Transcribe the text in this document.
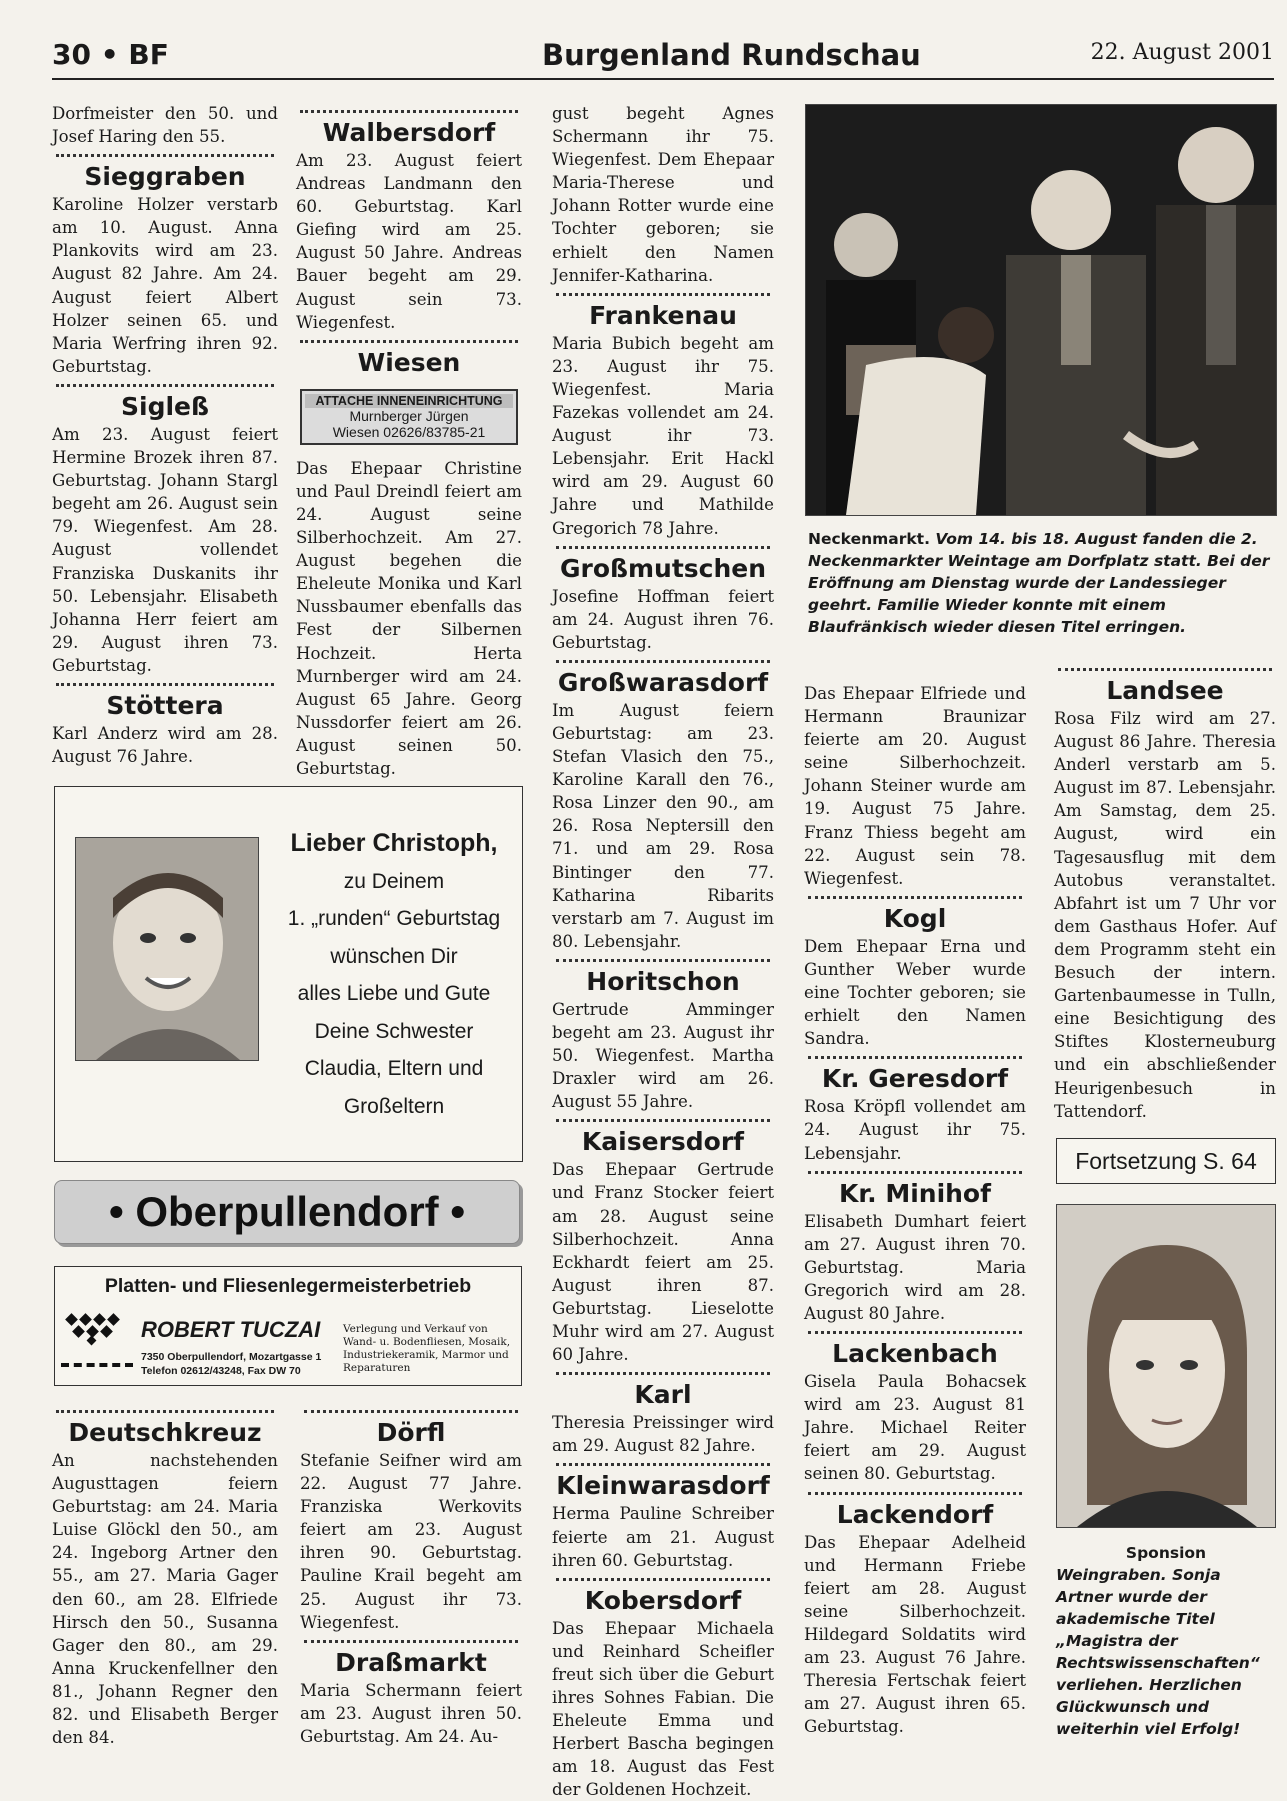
30 • BF	Burgenland Rundschau	22. August 2001

Dorfmeister den 50. und Josef Haring den 55.

Sieggraben

Karoline Holzer verstarb am 10. August. Anna Plankovits wird am 23. August 82 Jahre. Am 24. August feiert Albert Holzer seinen 65. und Maria Werfring ihren 92. Geburtstag.

Sigleß

Am 23. August feiert Hermine Brozek ihren 87. Geburtstag. Johann Stargl begeht am 26. August sein 79. Wiegenfest. Am 28. August vollendet Franziska Duskanits ihr 50. Lebensjahr. Elisabeth Johanna Herr feiert am 29. August ihren 73. Geburtstag.

Stöttera

Karl Anderz wird am 28. August 76 Jahre.

Walbersdorf

Am 23. August feiert Andreas Landmann den 60. Geburtstag. Karl Giefing wird am 25. August 50 Jahre. Andreas Bauer begeht am 29. August sein 73. Wiegenfest.

Wiesen
ATTACHE INNENEINRICHTUNG
Murnberger Jürgen
Wiesen 02626/83785-21

Das Ehepaar Christine und Paul Dreindl feiert am 24. August seine Silberhochzeit. Am 27. August begehen die Eheleute Monika und Karl Nussbaumer ebenfalls das Fest der Silbernen Hochzeit. Herta Murnberger wird am 24. August 65 Jahre. Georg Nussdorfer feiert am 26. August seinen 50. Geburtstag.

gust begeht Agnes Schermann ihr 75. Wiegenfest. Dem Ehepaar Maria-Therese und Johann Rotter wurde eine Tochter geboren; sie erhielt den Namen Jennifer-Katharina.

Frankenau

Maria Bubich begeht am 23. August ihr 75. Wiegenfest. Maria Fazekas vollendet am 24. August ihr 73. Lebensjahr. Erit Hackl wird am 29. August 60 Jahre und Mathilde Gregorich 78 Jahre.

Großmutschen

Josefine Hoffman feiert am 24. August ihren 76. Geburtstag.

Großwarasdorf

Im August feiern Geburtstag: am 23. Stefan Vlasich den 75., Karoline Karall den 76., Rosa Linzer den 90., am 26. Rosa Neptersill den 71. und am 29. Rosa Bintinger den 77. Katharina Ribarits verstarb am 7. August im 80. Lebensjahr.

Horitschon

Gertrude Amminger begeht am 23. August ihr 50. Wiegenfest. Martha Draxler wird am 26. August 55 Jahre.

Kaisersdorf

Das Ehepaar Gertrude und Franz Stocker feiert am 28. August seine Silberhochzeit. Anna Eckhardt feiert am 25. August ihren 87. Geburtstag. Lieselotte Muhr wird am 27. August 60 Jahre.

Karl

Theresia Preissinger wird am 29. August 82 Jahre.

Kleinwarasdorf

Herma Pauline Schreiber feierte am 21. August ihren 60. Geburtstag.

Kobersdorf

Das Ehepaar Michaela und Reinhard Scheifler freut sich über die Geburt ihres Sohnes Fabian. Die Eheleute Emma und Herbert Bascha begingen am 18. August das Fest der Goldenen Hochzeit.

Neckenmarkt. Vom 14. bis 18. August fanden die 2. Neckenmarkter Weintage am Dorfplatz statt. Bei der Eröffnung am Dienstag wurde der Landessieger geehrt. Familie Wieder konnte mit einem Blaufränkisch wieder diesen Titel erringen.

Das Ehepaar Elfriede und Hermann Braunizar feierte am 20. August seine Silberhochzeit. Johann Steiner wurde am 19. August 75 Jahre. Franz Thiess begeht am 22. August sein 78. Wiegenfest.

Kogl

Dem Ehepaar Erna und Gunther Weber wurde eine Tochter geboren; sie erhielt den Namen Sandra.

Kr. Geresdorf

Rosa Kröpfl vollendet am 24. August ihr 75. Lebensjahr.

Kr. Minihof

Elisabeth Dumhart feiert am 27. August ihren 70. Geburtstag. Maria Gregorich wird am 28. August 80 Jahre.

Lackenbach

Gisela Paula Bohacsek wird am 23. August 81 Jahre. Michael Reiter feiert am 29. August seinen 80. Geburtstag.

Lackendorf

Das Ehepaar Adelheid und Hermann Friebe feiert am 28. August seine Silberhochzeit. Hildegard Soldatits wird am 23. August 76 Jahre. Theresia Fertschak feiert am 27. August ihren 65. Geburtstag.

Landsee

Rosa Filz wird am 27. August 86 Jahre. Theresia Anderl verstarb am 5. August im 87. Lebensjahr. Am Samstag, dem 25. August, wird ein Tagesausflug mit dem Autobus veranstaltet. Abfahrt ist um 7 Uhr vor dem Gasthaus Hofer. Auf dem Programm steht ein Besuch der intern. Gartenbaumesse in Tulln, eine Besichtigung des Stiftes Klosterneuburg und ein abschließender Heurigenbesuch in Tattendorf.

Fortsetzung S. 64
Sponsion
Weingraben. Sonja Artner wurde der akademische Titel „Magistra der Rechtswissenschaften“ verliehen. Herzlichen Glückwunsch und weiterhin viel Erfolg!
Lieber Christoph,
zu Deinem
1. „runden“ Geburtstag
wünschen Dir
alles Liebe und Gute
Deine Schwester
Claudia, Eltern und
Großeltern
• Oberpullendorf •
Platten- und Fliesenlegermeisterbetrieb
ROBERT TUCZAI
7350 Oberpullendorf, Mozartgasse 1
Telefon 02612/43248, Fax DW 70
Verlegung und Verkauf von Wand- u. Bodenfliesen, Mosaik, Industriekeramik, Marmor und Reparaturen
Deutschkreuz

An nachstehenden Augusttagen feiern Geburtstag: am 24. Maria Luise Glöckl den 50., am 24. Ingeborg Artner den 55., am 27. Maria Gager den 60., am 28. Elfriede Hirsch den 50., Susanna Gager den 80., am 29. Anna Kruckenfellner den 81., Johann Regner den 82. und Elisabeth Berger den 84.

Dörfl

Stefanie Seifner wird am 22. August 77 Jahre. Franziska Werkovits feiert am 23. August ihren 90. Geburtstag. Pauline Krail begeht am 25. August ihr 73. Wiegenfest.

Draßmarkt

Maria Schermann feiert am 23. August ihren 50. Geburtstag. Am 24. Au-
